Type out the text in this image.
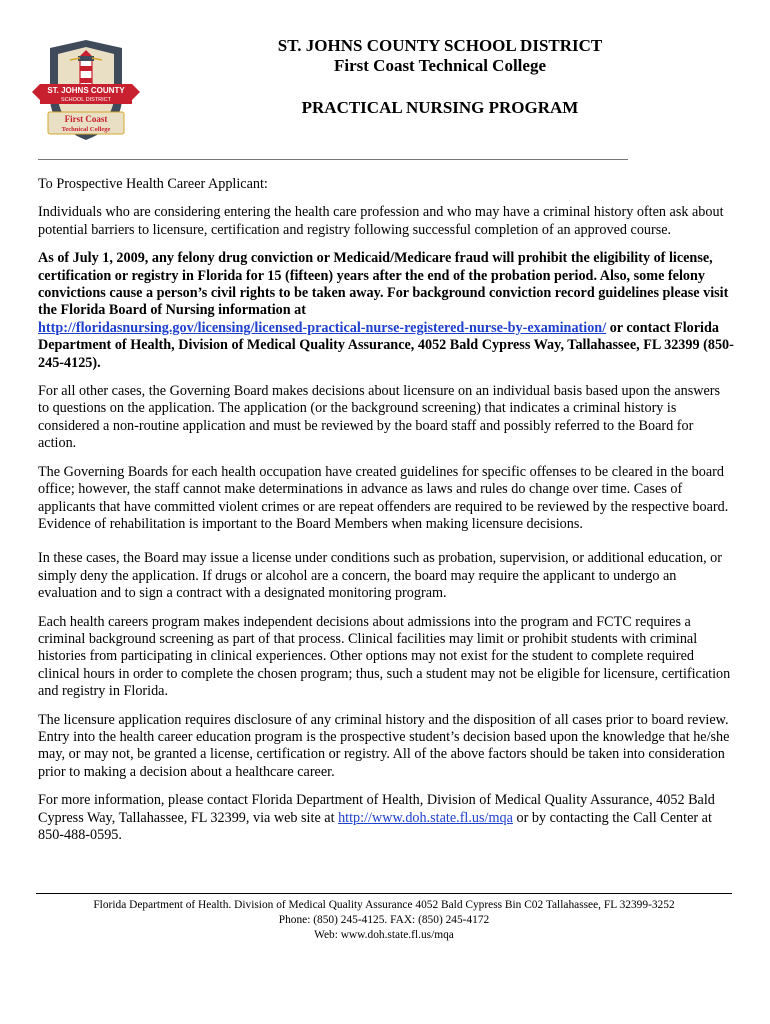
ST. JOHNS COUNTY
SCHOOL DISTRICT
First Coast
Technical College

ST. JOHNS COUNTY SCHOOL DISTRICT

First Coast Technical College

PRACTICAL NURSING PROGRAM

To Prospective Health Career Applicant:

Individuals who are considering entering the health care profession and who may have a criminal history often ask about potential barriers to licensure, certification and registry following successful completion of an approved course.

As of July 1, 2009, any felony drug conviction or Medicaid/Medicare fraud will prohibit the eligibility of license, certification or registry in Florida for 15 (fifteen) years after the end of the probation period. Also, some felony convictions cause a person’s civil rights to be taken away. For background conviction record guidelines please visit the Florida Board of Nursing information at
http://floridasnursing.gov/licensing/licensed-practical-nurse-registered-nurse-by-examination/ or contact Florida Department of Health, Division of Medical Quality Assurance, 4052 Bald Cypress Way, Tallahassee, FL 32399 (850-245-4125).

For all other cases, the Governing Board makes decisions about licensure on an individual basis based upon the answers to questions on the application. The application (or the background screening) that indicates a criminal history is considered a non-routine application and must be reviewed by the board staff and possibly referred to the Board for action.

The Governing Boards for each health occupation have created guidelines for specific offenses to be cleared in the board office; however, the staff cannot make determinations in advance as laws and rules do change over time. Cases of applicants that have committed violent crimes or are repeat offenders are required to be reviewed by the respective board. Evidence of rehabilitation is important to the Board Members when making licensure decisions.

In these cases, the Board may issue a license under conditions such as probation, supervision, or additional education, or simply deny the application. If drugs or alcohol are a concern, the board may require the applicant to undergo an evaluation and to sign a contract with a designated monitoring program.

Each health careers program makes independent decisions about admissions into the program and FCTC requires a criminal background screening as part of that process. Clinical facilities may limit or prohibit students with criminal histories from participating in clinical experiences. Other options may not exist for the student to complete required clinical hours in order to complete the chosen program; thus, such a student may not be eligible for licensure, certification and registry in Florida.

The licensure application requires disclosure of any criminal history and the disposition of all cases prior to board review. Entry into the health career education program is the prospective student’s decision based upon the knowledge that he/she may, or may not, be granted a license, certification or registry. All of the above factors should be taken into consideration prior to making a decision about a healthcare career.

For more information, please contact Florida Department of Health, Division of Medical Quality Assurance, 4052 Bald Cypress Way, Tallahassee, FL 32399, via web site at http://www.doh.state.fl.us/mqa or by contacting the Call Center at 850-488-0595.

Florida Department of Health. Division of Medical Quality Assurance 4052 Bald Cypress Bin C02 Tallahassee, FL 32399-3252
Phone: (850) 245-4125. FAX: (850) 245-4172
Web: www.doh.state.fl.us/mqa
